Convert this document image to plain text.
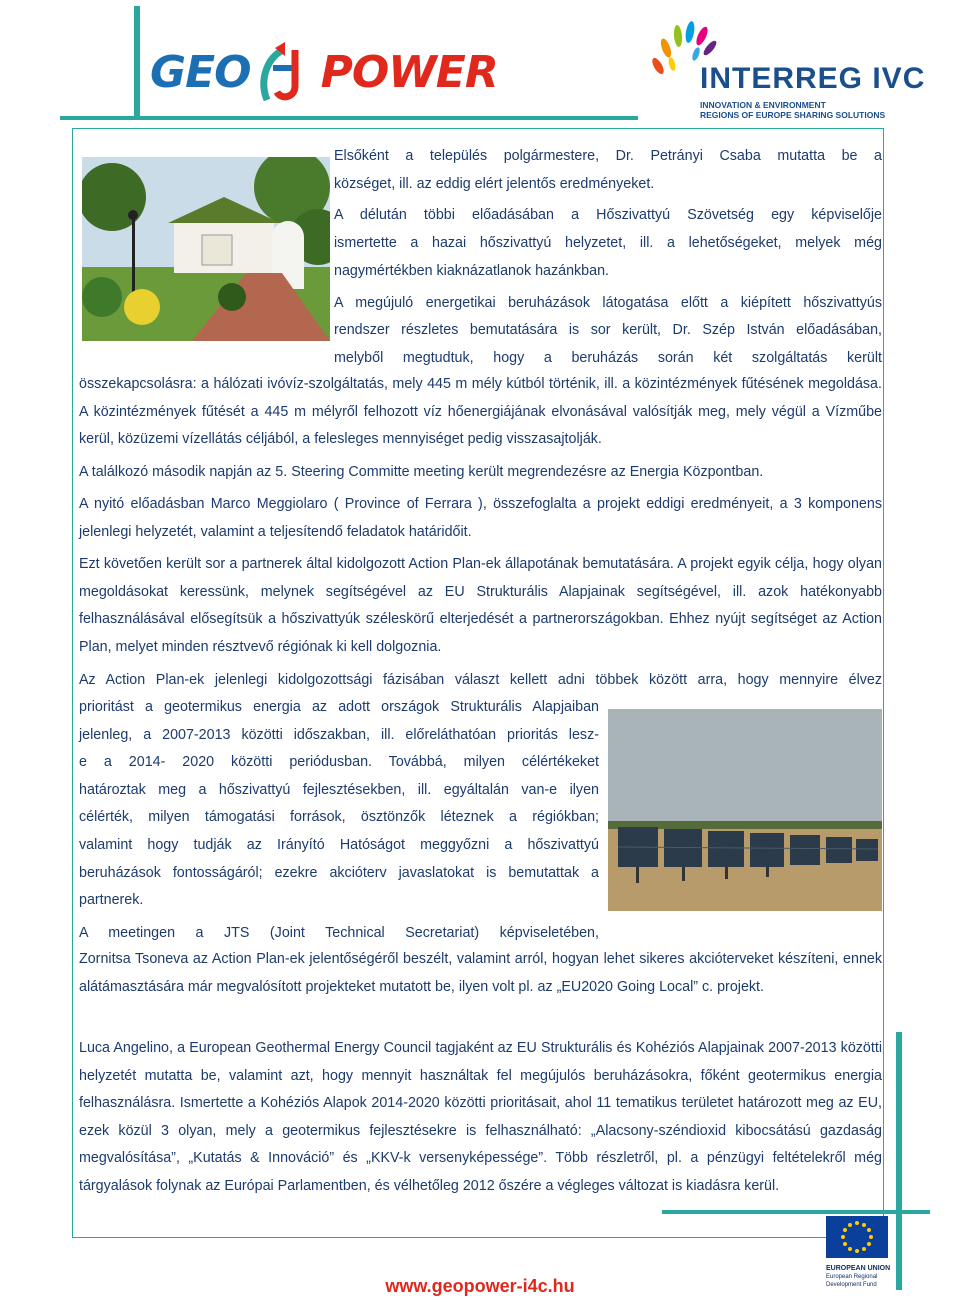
GEO POWER	INTERREG IVC
INNOVATION & ENVIRONMENT
REGIONS OF EUROPE SHARING SOLUTIONS
Elsőként a település polgármestere, Dr. Petrányi Csaba mutatta be a
községet, ill. az eddig elért jelentős eredményeket.
A délután többi előadásában a Hőszivattyú Szövetség egy képviselője
ismertette a hazai hőszivattyú helyzetet, ill. a lehetőségeket, melyek még
nagymértékben kiaknázatlanok hazánkban.
A megújuló energetikai beruházások látogatása előtt a kiépített hőszivattyús
rendszer részletes bemutatására is sor került, Dr. Szép István előadásában,
melyből megtudtuk, hogy a beruházás során két szolgáltatás került
összekapcsolásra: a hálózati ivóvíz-szolgáltatás, mely 445 m mély kútból történik, ill. a közintézmények fűtésének megoldása. A közintézmények fűtését a 445 m mélyről felhozott víz hőenergiájának elvonásával valósítják meg, mely végül a Vízműbe kerül, közüzemi vízellátás céljából, a felesleges mennyiséget pedig visszasajtolják.
A találkozó második napján az 5. Steering Committe meeting került megrendezésre az Energia Központban.
A nyitó előadásban Marco Meggiolaro ( Province of Ferrara ), összefoglalta a projekt eddigi eredményeit, a 3 komponens jelenlegi helyzetét, valamint a teljesítendő feladatok határidőit.
Ezt követően került sor a partnerek által kidolgozott Action Plan-ek állapotának bemutatására. A projekt egyik célja, hogy olyan megoldásokat keressünk, melynek segítségével az EU Strukturális Alapjainak segítségével, ill. azok hatékonyabb felhasználásával elősegítsük a hőszivattyúk széleskörű elterjedését a partnerországokban. Ehhez nyújt segítséget az Action Plan, melyet minden résztvevő régiónak ki kell dolgoznia.
Az Action Plan-ek jelenlegi kidolgozottsági fázisában választ kellett adni többek között arra, hogy mennyire élvez
prioritást a geotermikus energia az adott országok Strukturális Alapjaiban
jelenleg, a 2007-2013 közötti időszakban, ill. előreláthatóan prioritás lesz-
e a 2014- 2020 közötti periódusban. Továbbá, milyen célértékeket
határoztak meg a hőszivattyú fejlesztésekben, ill. egyáltalán van-e ilyen
célérték, milyen támogatási források, ösztönzők léteznek a régiókban;
valamint hogy tudják az Irányító Hatóságot meggyőzni a hőszivattyú
beruházások fontosságáról; ezekre akcióterv javaslatokat is bemutattak a
partnerek.
A meetingen a JTS (Joint Technical Secretariat) képviseletében,
Zornitsa Tsoneva az Action Plan-ek jelentőségéről beszélt, valamint arról, hogyan lehet sikeres akcióterveket készíteni, ennek alátámasztására már megvalósított projekteket mutatott be, ilyen volt pl. az „EU2020 Going Local” c. projekt.
Luca Angelino, a European Geothermal Energy Council tagjaként az EU Strukturális és Kohéziós Alapjainak 2007-2013 közötti helyzetét mutatta be, valamint azt, hogy mennyit használtak fel megújulós beruházásokra, főként geotermikus energia felhasználásra. Ismertette a Kohéziós Alapok 2014-2020 közötti prioritásait, ahol 11 tematikus területet határozott meg az EU, ezek közül 3 olyan, mely a geotermikus fejlesztésekre is felhasználható: „Alacsony-széndioxid kibocsátású gazdaság megvalósítása”, „Kutatás & Innováció” és „KKV-k versenyképessége”. Több részletről, pl. a pénzügyi feltételekről még tárgyalások folynak az Európai Parlamentben, és vélhetőleg 2012 őszére a végleges változat is kiadásra kerül.
EUROPEAN UNION
European Regional
Development Fund
www.geopower-i4c.hu
